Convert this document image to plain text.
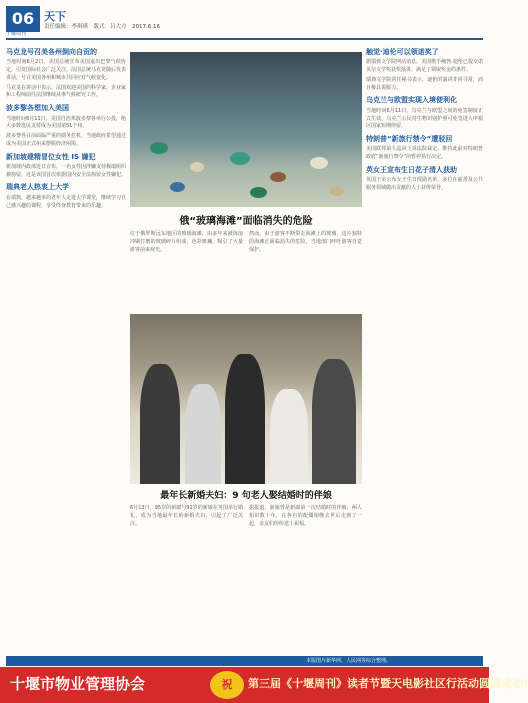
06
十堰周刊
天下
责任编辑：李琪琪　版式：吕大方　2017.6.16
马克龙号召美各州倒向自贡的

当地时间6月2日，美国总统宣布美国退出巴黎气候协定，引发国际社会广泛关注。法国总统马克龙随后发表讲话，号召美国各州和城市共同应对气候变化。

马克龙在讲话中表示，法国欢迎美国的科学家、企业家和工程师前往法国继续从事气候研究工作。

波多黎各想加入美国

当地时间6月11日，美国自治邦波多黎各举行公投，绝大多数选民支持成为美国第51个州。

波多黎各目前面临严重的债务危机，当地政府希望通过成为美国正式州来摆脱经济困境。

新加坡建精冒位女性 IS 嫌犯

新加坡内政部近日宣布，一名女性因涉嫌支持极端组织被拘留，这是该国首次依据国内安全法拘留女性嫌犯。

瑞典老人热衷上大学

在瑞典，越来越多的老年人走进大学课堂，继续学习自己感兴趣的课程，享受终身教育带来的乐趣。

俄“玻璃海滩”面临消失的危险

位于俄罗斯远东地区的玻璃海滩，由多年来被海浪冲刷打磨的玻璃碎片组成，色彩斑斓，吸引了大量游客前来观光。

然而，由于游客不断带走海滩上的玻璃，这片独特的海滩正面临消失的危险，当地部门呼吁游客自觉保护。

最年长新婚夫妇：9 句老人娶结婚时的伴娘

6月13日，95岁的新郎与91岁的新娘在英国举行婚礼，成为当地最年长的新婚夫妇，引起了广泛关注。

据报道，新娘曾是新郎第一次结婚时的伴娘，两人相识数十年，在各自的配偶相继去世后走到了一起，亲友们纷纷送上祝福。

触觉·迪伦可以领诺奖了

据瑞典文学院网站消息，美国歌手鲍勃·迪伦已提交诺贝尔文学奖获奖演讲，满足了领取奖金的条件。

瑞典文学院常任秘书表示，迪伦的演讲非同寻常，而且极具说服力。

乌克兰与欧盟实现入境便利化

当地时间6月11日，乌克兰与欧盟之间的免签制度正式生效，乌克兰公民持生物识别护照可免签进入申根区国家短期停留。

特朗普“新旅行禁令”遭驳回

美国联邦第九巡回上诉法院裁定，维持此前对特朗普政府“新旅行禁令”的暂停执行决定。

英女王宣布生日花子清人获助

英国王室公布女王生日授勋名单，多位在慈善及公共服务领域做出贡献的人士获得荣誉。

本版图片新华网、人民网等综合整理。
十堰市物业管理协会	祝	第三届《十堰周刊》读者节暨天电影社区行活动圆满成功!
